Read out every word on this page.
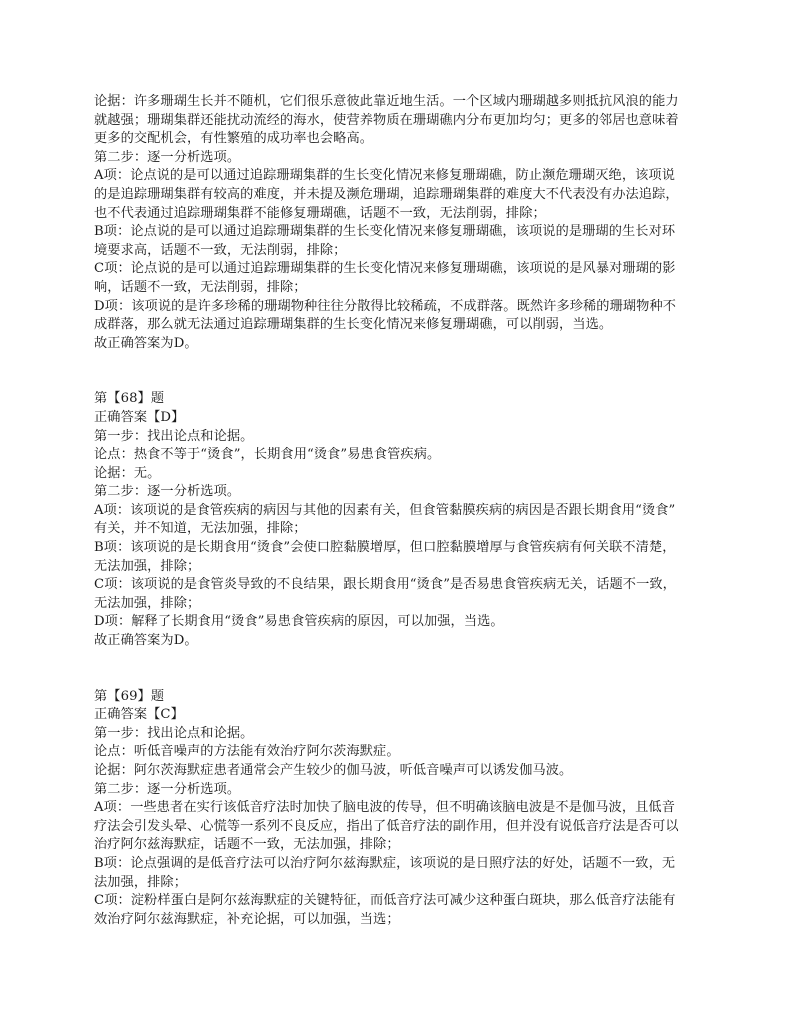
论据：许多珊瑚生长并不随机，它们很乐意彼此靠近地生活。一个区域内珊瑚越多则抵抗风浪的能力
就越强；珊瑚集群还能扰动流经的海水，使营养物质在珊瑚礁内分布更加均匀；更多的邻居也意味着
更多的交配机会，有性繁殖的成功率也会略高。
第二步：逐一分析选项。
A项：论点说的是可以通过追踪珊瑚集群的生长变化情况来修复珊瑚礁，防止濒危珊瑚灭绝，该项说
的是追踪珊瑚集群有较高的难度，并未提及濒危珊瑚，追踪珊瑚集群的难度大不代表没有办法追踪，
也不代表通过追踪珊瑚集群不能修复珊瑚礁，话题不一致，无法削弱，排除；
B项：论点说的是可以通过追踪珊瑚集群的生长变化情况来修复珊瑚礁，该项说的是珊瑚的生长对环
境要求高，话题不一致，无法削弱，排除；
C项：论点说的是可以通过追踪珊瑚集群的生长变化情况来修复珊瑚礁，该项说的是风暴对珊瑚的影
响，话题不一致，无法削弱，排除；
D项：该项说的是许多珍稀的珊瑚物种往往分散得比较稀疏，不成群落。既然许多珍稀的珊瑚物种不
成群落，那么就无法通过追踪珊瑚集群的生长变化情况来修复珊瑚礁，可以削弱，当选。
故正确答案为D。
第【68】题
正确答案【D】
第一步：找出论点和论据。
论点：热食不等于“烫食”，长期食用“烫食”易患食管疾病。
论据：无。
第二步：逐一分析选项。
A项：该项说的是食管疾病的病因与其他的因素有关，但食管黏膜疾病的病因是否跟长期食用“烫食”
有关，并不知道，无法加强，排除；
B项：该项说的是长期食用“烫食”会使口腔黏膜增厚，但口腔黏膜增厚与食管疾病有何关联不清楚，
无法加强，排除；
C项：该项说的是食管炎导致的不良结果，跟长期食用“烫食”是否易患食管疾病无关，话题不一致，
无法加强，排除；
D项：解释了长期食用“烫食”易患食管疾病的原因，可以加强，当选。
故正确答案为D。
第【69】题
正确答案【C】
第一步：找出论点和论据。
论点：听低音噪声的方法能有效治疗阿尔茨海默症。
论据：阿尔茨海默症患者通常会产生较少的伽马波，听低音噪声可以诱发伽马波。
第二步：逐一分析选项。
A项：一些患者在实行该低音疗法时加快了脑电波的传导，但不明确该脑电波是不是伽马波，且低音
疗法会引发头晕、心慌等一系列不良反应，指出了低音疗法的副作用，但并没有说低音疗法是否可以
治疗阿尔兹海默症，话题不一致，无法加强，排除；
B项：论点强调的是低音疗法可以治疗阿尔兹海默症，该项说的是日照疗法的好处，话题不一致，无
法加强，排除；
C项：淀粉样蛋白是阿尔兹海默症的关键特征，而低音疗法可减少这种蛋白斑块，那么低音疗法能有
效治疗阿尔兹海默症，补充论据，可以加强，当选；
